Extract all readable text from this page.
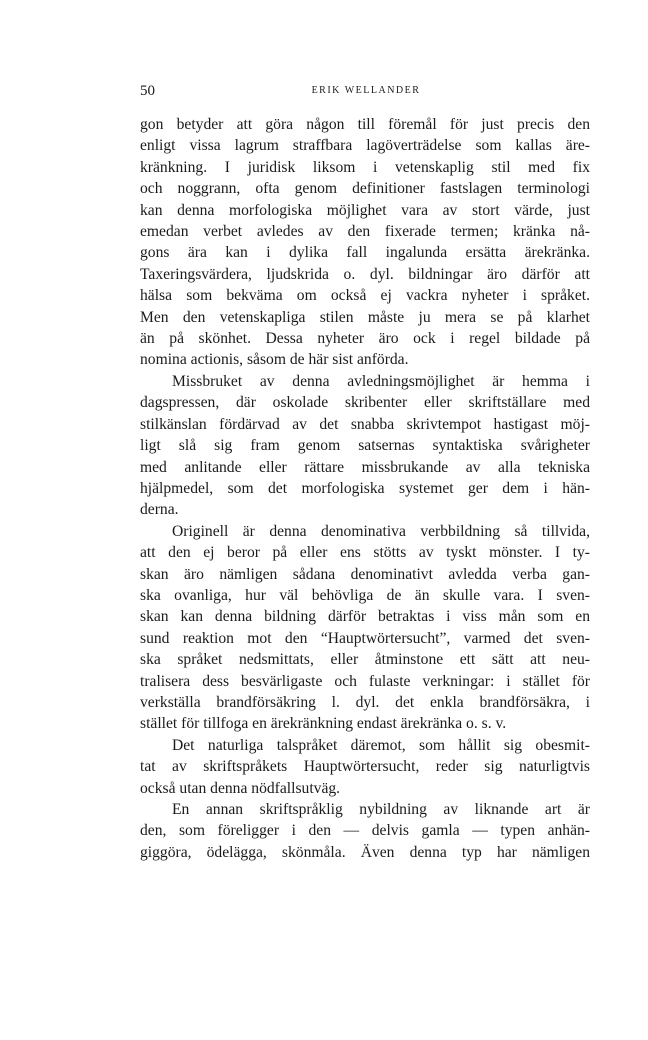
50	ERIK WELLANDER
gon betyder att göra någon till föremål för just precis den
enligt vissa lagrum straffbara lagöverträdelse som kallas äre-
kränkning. I juridisk liksom i vetenskaplig stil med fix
och noggrann, ofta genom definitioner fastslagen terminologi
kan denna morfologiska möjlighet vara av stort värde, just
emedan verbet avledes av den fixerade termen; kränka nå-
gons ära kan i dylika fall ingalunda ersätta ärekränka.
Taxeringsvärdera, ljudskrida o. dyl. bildningar äro därför att
hälsa som bekväma om också ej vackra nyheter i språket.
Men den vetenskapliga stilen måste ju mera se på klarhet
än på skönhet. Dessa nyheter äro ock i regel bildade på
nomina actionis, såsom de här sist anförda.
Missbruket av denna avledningsmöjlighet är hemma i
dagspressen, där oskolade skribenter eller skriftställare med
stilkänslan fördärvad av det snabba skrivtempot hastigast möj-
ligt slå sig fram genom satsernas syntaktiska svårigheter
med anlitande eller rättare missbrukande av alla tekniska
hjälpmedel, som det morfologiska systemet ger dem i hän-
derna.
Originell är denna denominativa verbbildning så tillvida,
att den ej beror på eller ens stötts av tyskt mönster. I ty-
skan äro nämligen sådana denominativt avledda verba gan-
ska ovanliga, hur väl behövliga de än skulle vara. I sven-
skan kan denna bildning därför betraktas i viss mån som en
sund reaktion mot den “Hauptwörtersucht”, varmed det sven-
ska språket nedsmittats, eller åtminstone ett sätt att neu-
tralisera dess besvärligaste och fulaste verkningar: i stället för
verkställa brandförsäkring l. dyl. det enkla brandförsäkra, i
stället för tillfoga en ärekränkning endast ärekränka o. s. v.
Det naturliga talspråket däremot, som hållit sig obesmit-
tat av skriftspråkets Hauptwörtersucht, reder sig naturligtvis
också utan denna nödfallsutväg.
En annan skriftspråklig nybildning av liknande art är
den, som föreligger i den — delvis gamla — typen anhän-
giggöra, ödelägga, skönmåla. Även denna typ har nämligen
